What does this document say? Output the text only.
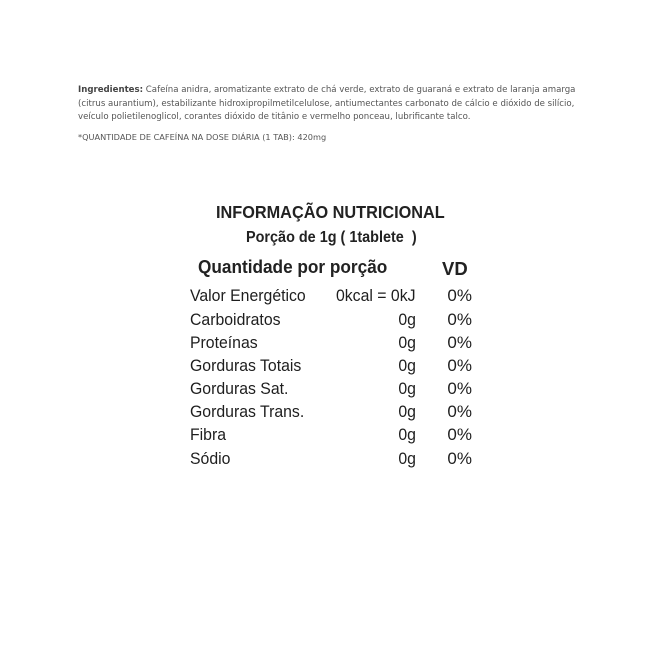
Ingredientes: Cafeína anidra, aromatizante extrato de chá verde, extrato de guaraná e extrato de laranja amarga (citrus aurantium), estabilizante hidroxipropilmetilcelulose, antiumectantes carbonato de cálcio e dióxido de silício, veículo polietilenoglicol, corantes dióxido de titânio e vermelho ponceau, lubrificante talco.
*QUANTIDADE DE CAFEÍNA NA DOSE DIÁRIA (1 TAB): 420mg
INFORMAÇÃO NUTRICIONAL
Porção de 1g ( 1tablete  )
Quantidade por porção	VD
Valor Energético 0kcal = 0kJ 0%
Carboidratos	0g 0%
Proteínas	0g 0%
Gorduras Totais	0g 0%
Gorduras Sat.	0g 0%
Gorduras Trans.	0g 0%
Fibra	0g 0%
Sódio	0g 0%
